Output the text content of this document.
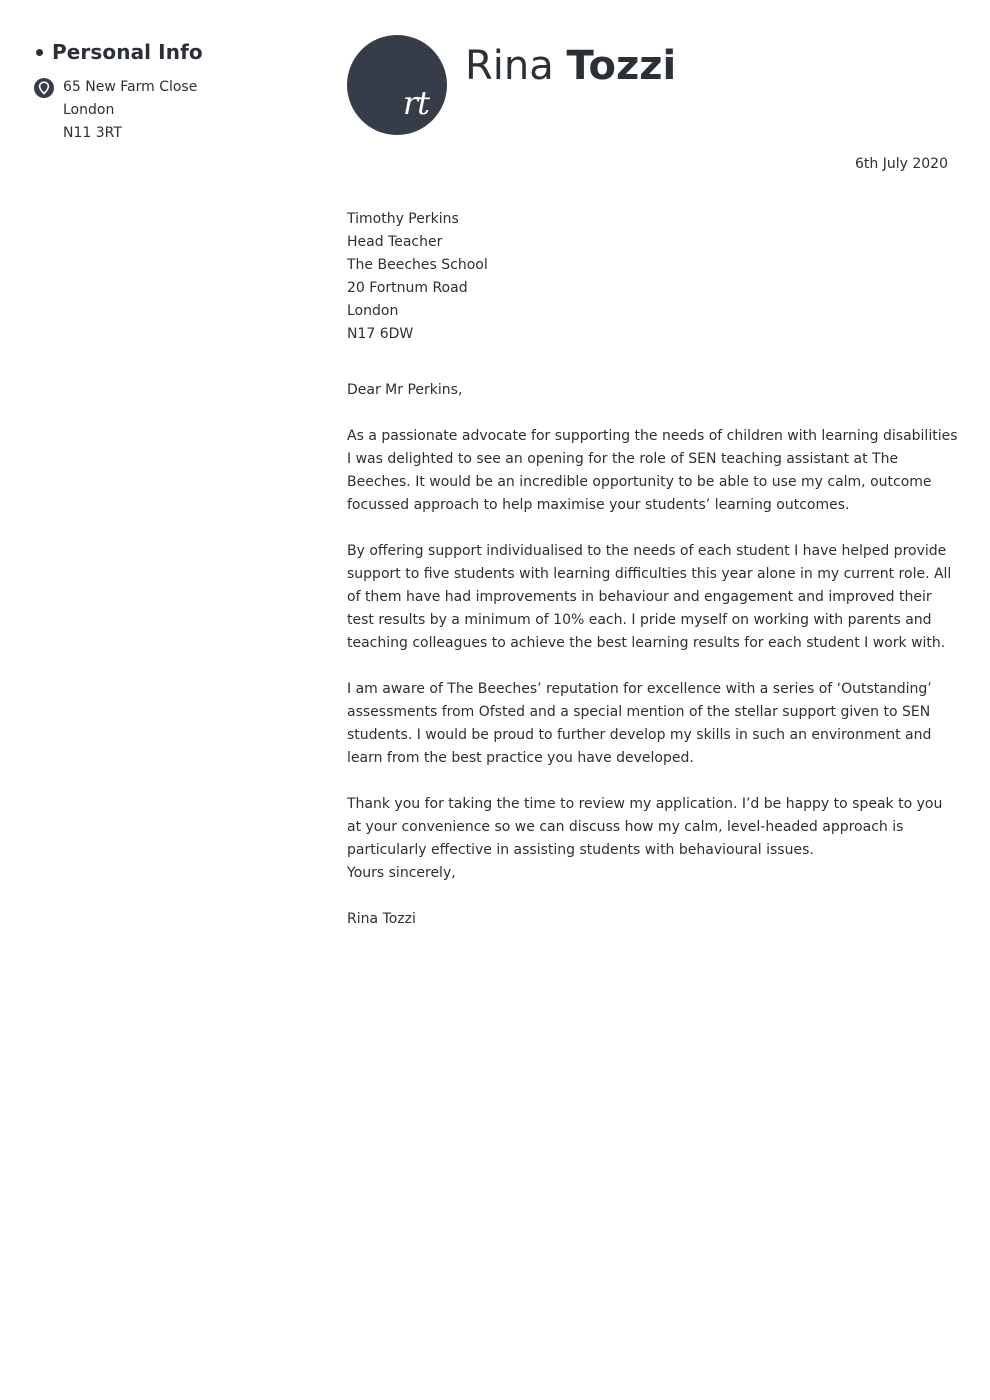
Personal Info
65 New Farm Close
London
N11 3RT
rt
Rina Tozzi
6th July 2020
Timothy Perkins
Head Teacher
The Beeches School
20 Fortnum Road
London
N17 6DW
Dear Mr Perkins,

As a passionate advocate for supporting the needs of children with learning disabilities I was delighted to see an opening for the role of SEN teaching assistant at The Beeches. It would be an incredible opportunity to be able to use my calm, outcome focussed approach to help maximise your students’ learning outcomes.

By offering support individualised to the needs of each student I have helped provide support to five students with learning difficulties this year alone in my current role. All of them have had improvements in behaviour and engagement and improved their test results by a minimum of 10% each. I pride myself on working with parents and teaching colleagues to achieve the best learning results for each student I work with.

I am aware of The Beeches’ reputation for excellence with a series of ‘Outstanding’ assessments from Ofsted and a special mention of the stellar support given to SEN students. I would be proud to further develop my skills in such an environment and learn from the best practice you have developed.

Thank you for taking the time to review my application. I’d be happy to speak to you at your convenience so we can discuss how my calm, level-headed approach is particularly effective in assisting students with behavioural issues.

Yours sincerely,
Rina Tozzi
